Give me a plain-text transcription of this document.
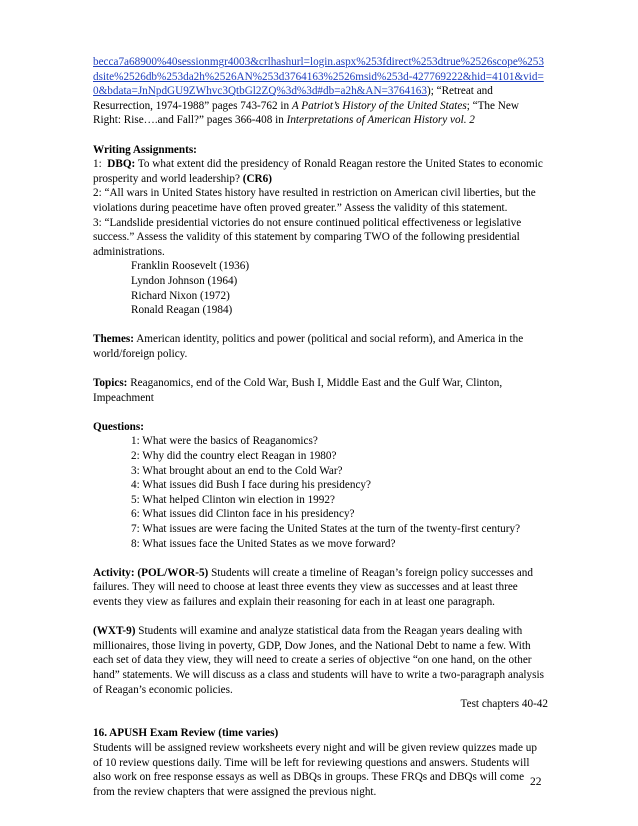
becca7a68900%40sessionmgr4003&crlhashurl=login.aspx%253fdirect%253dtrue%2526scope%253dsite%2526db%253da2h%2526AN%253d3764163%2526msid%253d-427769222&hid=4101&vid=0&bdata=JnNpdGU9ZWhvc3QtbGl2ZQ%3d%3d#db=a2h&AN=3764163); “Retreat and Resurrection, 1974-1988” pages 743-762 in A Patriot’s History of the United States; “The New Right: Rise….and Fall?” pages 366-408 in Interpretations of American History vol. 2

Writing Assignments:

1:  DBQ: To what extent did the presidency of Ronald Reagan restore the United States to economic prosperity and world leadership? (CR6)

2: “All wars in United States history have resulted in restriction on American civil liberties, but the violations during peacetime have often proved greater.” Assess the validity of this statement.

3: “Landslide presidential victories do not ensure continued political effectiveness or legislative success.” Assess the validity of this statement by comparing TWO of the following presidential administrations.

Franklin Roosevelt (1936)

Lyndon Johnson (1964)

Richard Nixon (1972)

Ronald Reagan (1984)

Themes: American identity, politics and power (political and social reform), and America in the world/foreign policy.

Topics: Reaganomics, end of the Cold War, Bush I, Middle East and the Gulf War, Clinton, Impeachment

Questions:

1: What were the basics of Reaganomics?

2: Why did the country elect Reagan in 1980?

3: What brought about an end to the Cold War?

4: What issues did Bush I face during his presidency?

5: What helped Clinton win election in 1992?

6: What issues did Clinton face in his presidency?

7: What issues are were facing the United States at the turn of the twenty-first century?

8: What issues face the United States as we move forward?

Activity: (POL/WOR-5) Students will create a timeline of Reagan’s foreign policy successes and failures. They will need to choose at least three events they view as successes and at least three events they view as failures and explain their reasoning for each in at least one paragraph.

(WXT-9) Students will examine and analyze statistical data from the Reagan years dealing with millionaires, those living in poverty, GDP, Dow Jones, and the National Debt to name a few. With each set of data they view, they will need to create a series of objective “on one hand, on the other hand” statements. We will discuss as a class and students will have to write a two-paragraph analysis of Reagan’s economic policies.

Test chapters 40-42

16. APUSH Exam Review (time varies)

Students will be assigned review worksheets every night and will be given review quizzes made up of 10 review questions daily. Time will be left for reviewing questions and answers. Students will also work on free response essays as well as DBQs in groups. These FRQs and DBQs will come from the review chapters that were assigned the previous night.

22
